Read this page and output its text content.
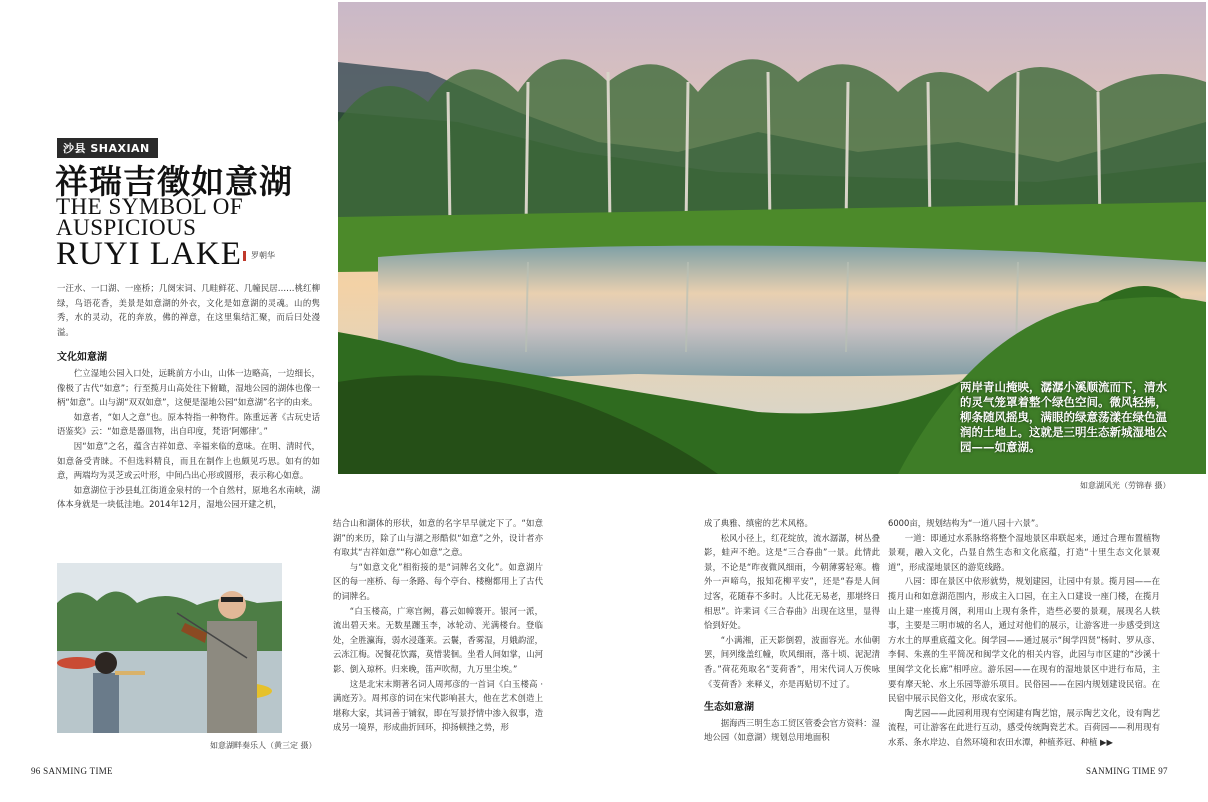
两岸青山掩映，潺潺小溪顺流而下，清水的灵气笼罩着整个绿色空间。微风轻拂，柳条随风摇曳，满眼的绿意荡漾在绿色温润的土地上。这就是三明生态新城湿地公园——如意湖。
如意湖风光（劳锦春 摄）
沙县 SHAXIAN
祥瑞吉徵如意湖
THE SYMBOL OF
AUSPICIOUS
RUYI LAKE	罗朝华

一汪水、一口湖、一座桥；几阕宋词、几畦鲜花、几幢民居……桃红柳绿，鸟语花香，美景是如意湖的外衣，文化是如意湖的灵魂。山的隽秀，水的灵动，花的奔放，佛的禅意，在这里集结汇聚，而后曰处漫溢。

文化如意湖

伫立湿地公园入口处，远眺前方小山，山体一边略高，一边细长，像极了古代“如意”；行至揽月山高处往下俯瞰，湿地公园的湖体也像一柄“如意”。山与湖“双双如意”，这便是湿地公园“如意湖”名字的由来。

如意者，“如人之意”也。原本特指一种物件。陈重远著《古玩史话语鉴奖》云：“如意是器皿物，出自印度，梵语‘阿娜律’。”

因“如意”之名，蕴含吉祥如意、幸福来临的意味。在明、清时代，如意备受青睐。不但选料精良，而且在制作上也颇见巧思。如有的如意，两端均为灵芝或云叶形，中间凸出心形或圆形，表示称心如意。

如意湖位于沙县虬江街道金泉村的一个自然村，原地名水南峡，湖体本身就是一块低洼地。2014年12月，湿地公园开建之机，

如意湖畔奏乐人（黄三定 摄）

结合山和湖体的形状，如意的名字早早就定下了。“如意湖”的来历，除了山与湖之形酷似“如意”之外，设计者亦有取其“吉祥如意”“称心如意”之意。

与“如意文化”相衔接的是“词牌名文化”。如意湖片区的每一座桥、每一条路、每个亭台、楼榭都用上了古代的词牌名。

“白玉楼高，广寒宫阙，暮云如幛褰开。银河一派，流出碧天来。无数星躔玉李，冰轮动、光满楼台。登临处，全胜瀛海，弱水浸蓬莱。云鬟，香雾湿，月娥韵涩，云冻江梅。况餐花饮露，莫惜裴徊。坐看人间如掌，山河影、倒入琼杯。归来晚，笛声吹彻，九万里尘埃。”

这是北宋末期著名词人周邦彦的一首词《白玉楼高 · 满庭芳》。周邦彦的词在宋代影响甚大，他在艺术创造上堪称大家，其词善于铺叙，即在写景抒情中渗入叙事，造成另一境界，形成曲折回环，抑扬顿挫之势，形

成了典雅、缜密的艺术风格。

松风小径上，红花绽放，流水潺潺，树丛叠影，蛙声不绝。这是“三合春曲”一景。此情此景，不论是“昨夜微风细雨，今朝薄雾轻寒。檐外一声啼鸟，报知花柳平安”，还是“春是人间过客，花随春不多时。人比花无易老，那堪终日相思”。许棐词《三合春曲》出现在这里，显得恰到好处。

“小满湘，正天影倒碧，波面容光。水仙朝罢，间列缘盖红幢，吹风细雨，落十顷、泥泥清香。”荷花苑取名“芰荷香”，用宋代词人万俟咏《芰荷香》来释义，亦是再贴切不过了。

生态如意湖

据海西三明生态工贸区管委会官方资料：湿地公园（如意湖）规划总用地面积

6000亩，规划结构为“一道八园十六景”。

一道：即通过水系脉络将整个湿地景区串联起来，通过合理布置植物景观，融入文化，凸显自然生态和文化底蕴，打造“十里生态文化景观道”，形成湿地景区的游览线路。

八园：即在景区中依形就势，规划建园，让园中有景。揽月园——在揽月山和如意湖范围内，形成主入口园，在主入口建设一座门楼，在揽月山上建一座揽月阁，利用山上现有条件，造些必要的景观，展现名人轶事，主要是三明市城的名人，通过对他们的展示，让游客进一步感受到这方水土的厚重底蕴文化。闽学园——通过展示“闽学四贤”杨时、罗从彦、李侗、朱熹的生平简况和闽学文化的相关内容，此园与市区建的“沙溪十里闽学文化长廊”相呼应。游乐园——在现有的湿地景区中进行布局，主要有摩天轮、水上乐园等游乐项目。民俗园——在园内规划建设民宿。在民宿中展示民俗文化，形成农家乐。

陶艺园——此园利用现有空闲建有陶艺馆，展示陶艺文化，设有陶艺流程，可让游客在此进行互动，感受传统陶瓷艺术。百荷园——利用现有水系、条水岸边、自然环境和农田水潭，种植荞冠、种植 ▶▶

96 SANMING TIME	SANMING TIME 97
